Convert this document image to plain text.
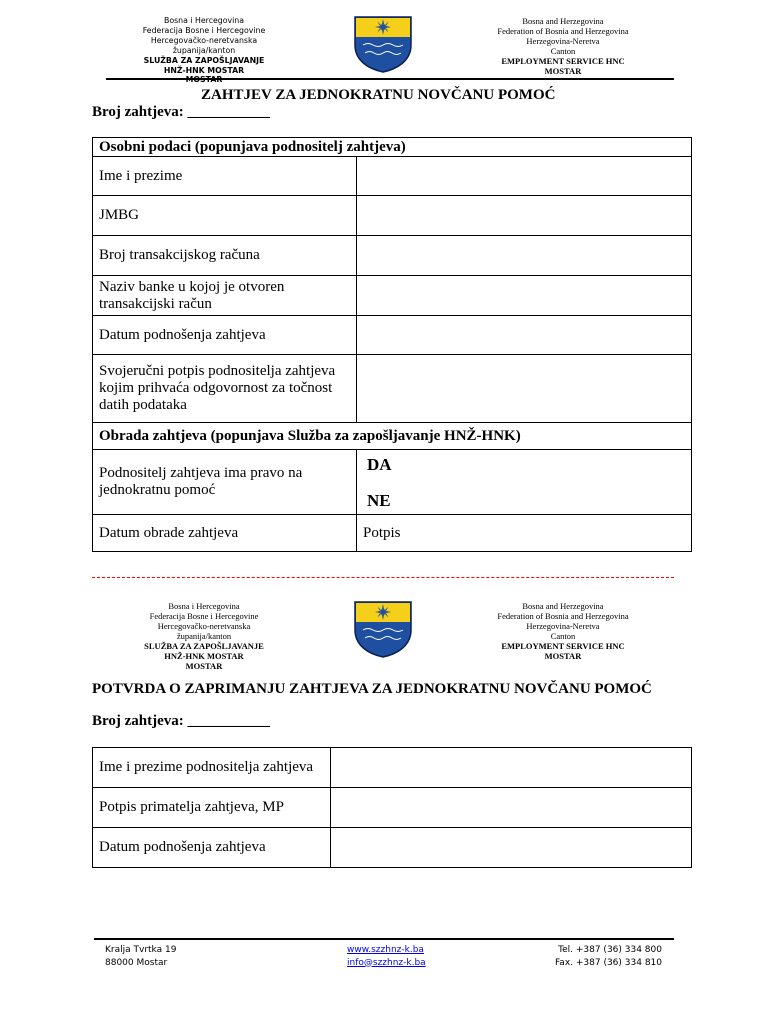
Bosna i Hercegovina
Federacija Bosne i Hercegovine
Hercegovačko-neretvanska
županija/kanton
SLUŽBA ZA ZAPOŠLJAVANJE
HNŽ-HNK MOSTAR
Bosna and Herzegovina
Federation of Bosnia and Herzegovina
Herzegovina-Neretva
Canton
EMPLOYMENT SERVICE HNC
MOSTAR
ZAHTJEV ZA JEDNOKRATNU NOVČANU POMOĆ
Broj zahtjeva: ___________
Osobni podaci (popunjava podnositelj zahtjeva)	
Ime i prezime	
JMBG	
Broj transakcijskog računa	
Naziv banke u kojoj je otvoren transakcijski račun	
Datum podnošenja zahtjeva	
Svojeručni potpis podnositelja zahtjeva kojim prihvaća odgovornost za točnost datih podataka	
Obrada zahtjeva (popunjava Služba za zapošljavanje HNŽ-HNK)	
Podnositelj zahtjeva ima pravo na jednokratnu pomoć	DA
NE

Datum obrade zahtjeva	Potpis
Bosna i Hercegovina
Federacija Bosne i Hercegovine
Hercegovačko-neretvanska
županija/kanton
SLUŽBA ZA ZAPOŠLJAVANJE
HNŽ-HNK MOSTAR
MOSTAR
Bosna and Herzegovina
Federation of Bosnia and Herzegovina
Herzegovina-Neretva
Canton
EMPLOYMENT SERVICE HNC
MOSTAR
POTVRDA O ZAPRIMANJU ZAHTJEVA ZA JEDNOKRATNU NOVČANU POMOĆ
Broj zahtjeva: ___________
Ime i prezime podnositelja zahtjeva	
Potpis primatelja zahtjeva, MP	
Datum podnošenja zahtjeva	
Kralja Tvrtka 19
88000 Mostar
www.szzhnz-k.ba
info@szzhnz-k.ba
Tel. +387 (36) 334 800
Fax. +387 (36) 334 810
